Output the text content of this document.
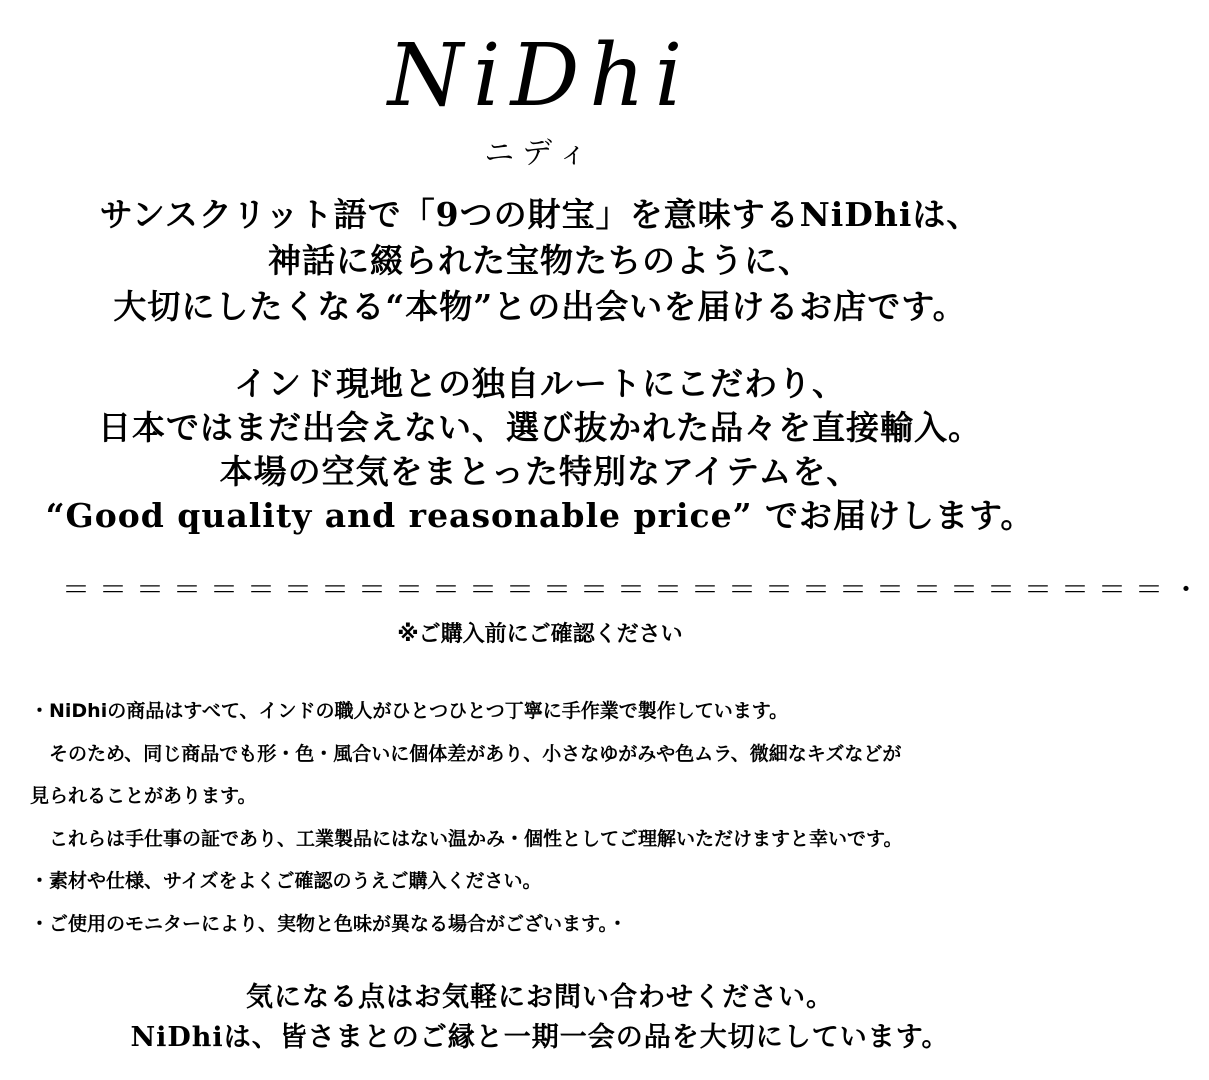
NiDhi
ニディ
サンスクリット語で「9つの財宝」を意味するNiDhiは、
神話に綴られた宝物たちのように、
大切にしたくなる“本物”との出会いを届けるお店です。
インド現地との独自ルートにこだわり、
日本ではまだ出会えない、選び抜かれた品々を直接輸入。
本場の空気をまとった特別なアイテムを、
“Good quality and reasonable price” でお届けします。
＝＝＝＝＝＝＝＝＝＝＝＝＝＝＝＝＝＝＝＝＝＝＝＝＝＝＝＝＝＝・
※ご購入前にご確認ください
・NiDhiの商品はすべて、インドの職人がひとつひとつ丁寧に手作業で製作しています。
　そのため、同じ商品でも形・色・風合いに個体差があり、小さなゆがみや色ムラ、微細なキズなどが
見られることがあります。
　これらは手仕事の証であり、工業製品にはない温かみ・個性としてご理解いただけますと幸いです。
・素材や仕様、サイズをよくご確認のうえご購入ください。
・ご使用のモニターにより、実物と色味が異なる場合がございます。・
気になる点はお気軽にお問い合わせください。
NiDhiは、皆さまとのご縁と一期一会の品を大切にしています。
